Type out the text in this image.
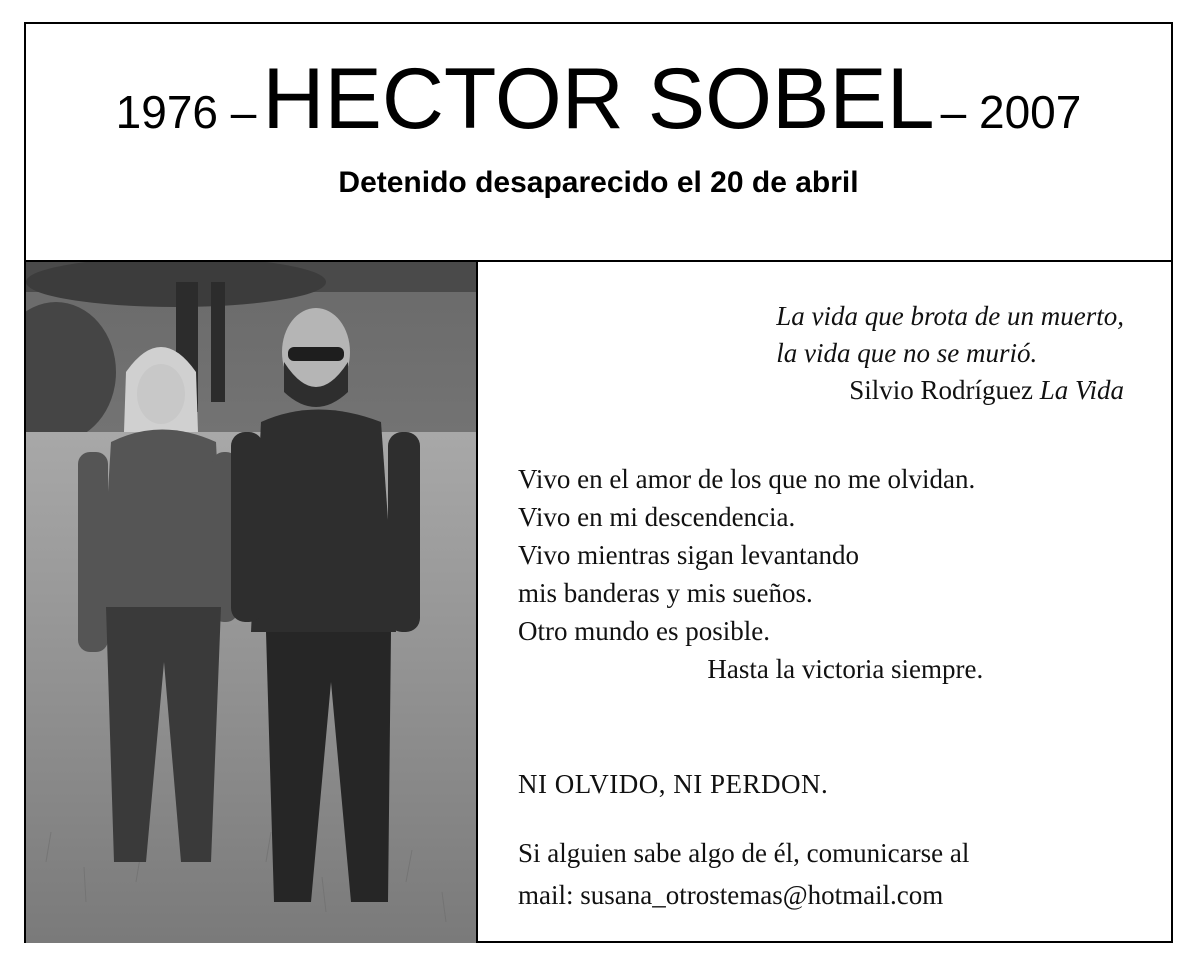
1976 –HECTOR SOBEL – 2007
Detenido desaparecido el 20 de abril
La vida que brota de un muerto,
la vida que no se murió.
Silvio Rodríguez La Vida
Vivo en el amor de los que no me olvidan.
Vivo en mi descendencia.
Vivo mientras sigan levantando
mis banderas y mis sueños.
Otro mundo es posible.
Hasta la victoria siempre.
NI OLVIDO, NI PERDON.
Si alguien sabe algo de él, comunicarse al
mail: susana_otrostemas@hotmail.com
